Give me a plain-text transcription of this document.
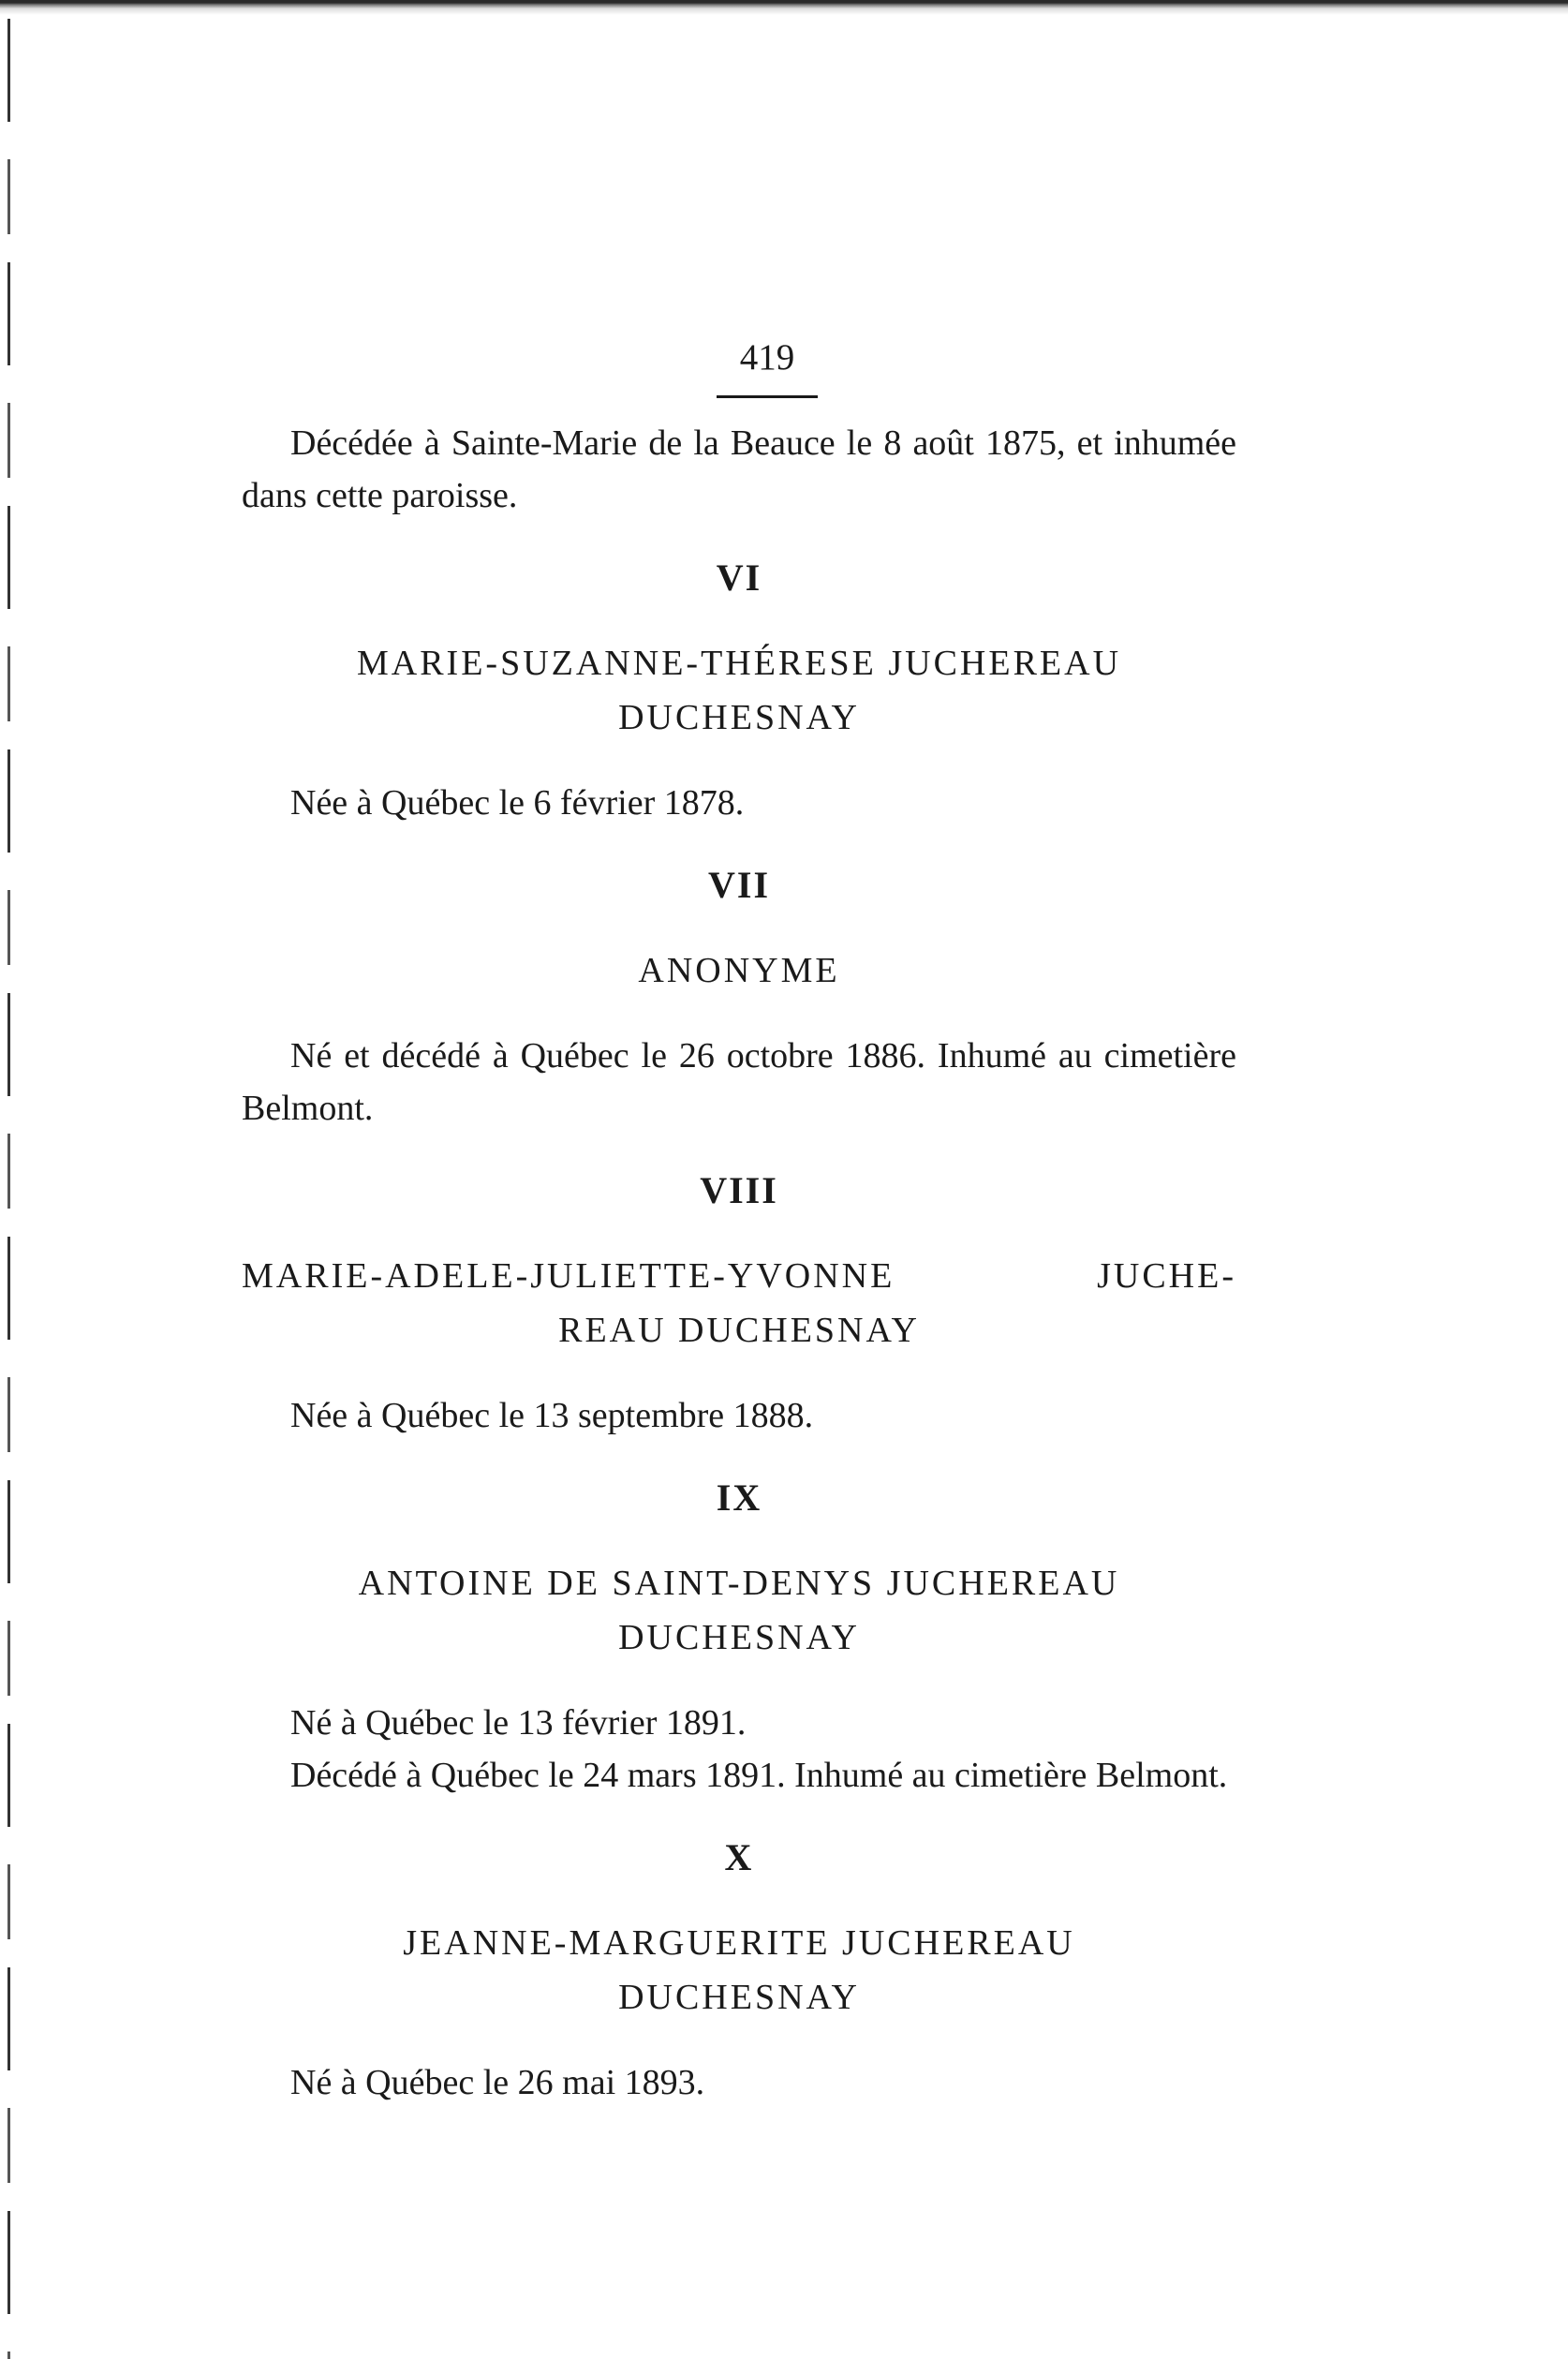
419

Décédée à Sainte-Marie de la Beauce le 8 août 1875, et inhumée dans cette paroisse.

VI
MARIE-SUZANNE-THÉRESE JUCHEREAU
DUCHESNAY

Née à Québec le 6 février 1878.

VII
ANONYME

Né et décédé à Québec le 26 octobre 1886. Inhumé au cimetière Belmont.

VIII
MARIE-ADELE-JULIETTE-YVONNE JUCHE-
REAU DUCHESNAY

Née à Québec le 13 septembre 1888.

IX
ANTOINE DE SAINT-DENYS JUCHEREAU
DUCHESNAY

Né à Québec le 13 février 1891.

Décédé à Québec le 24 mars 1891. Inhumé au cimetière Belmont.

X
JEANNE-MARGUERITE JUCHEREAU
DUCHESNAY

Né à Québec le 26 mai 1893.
